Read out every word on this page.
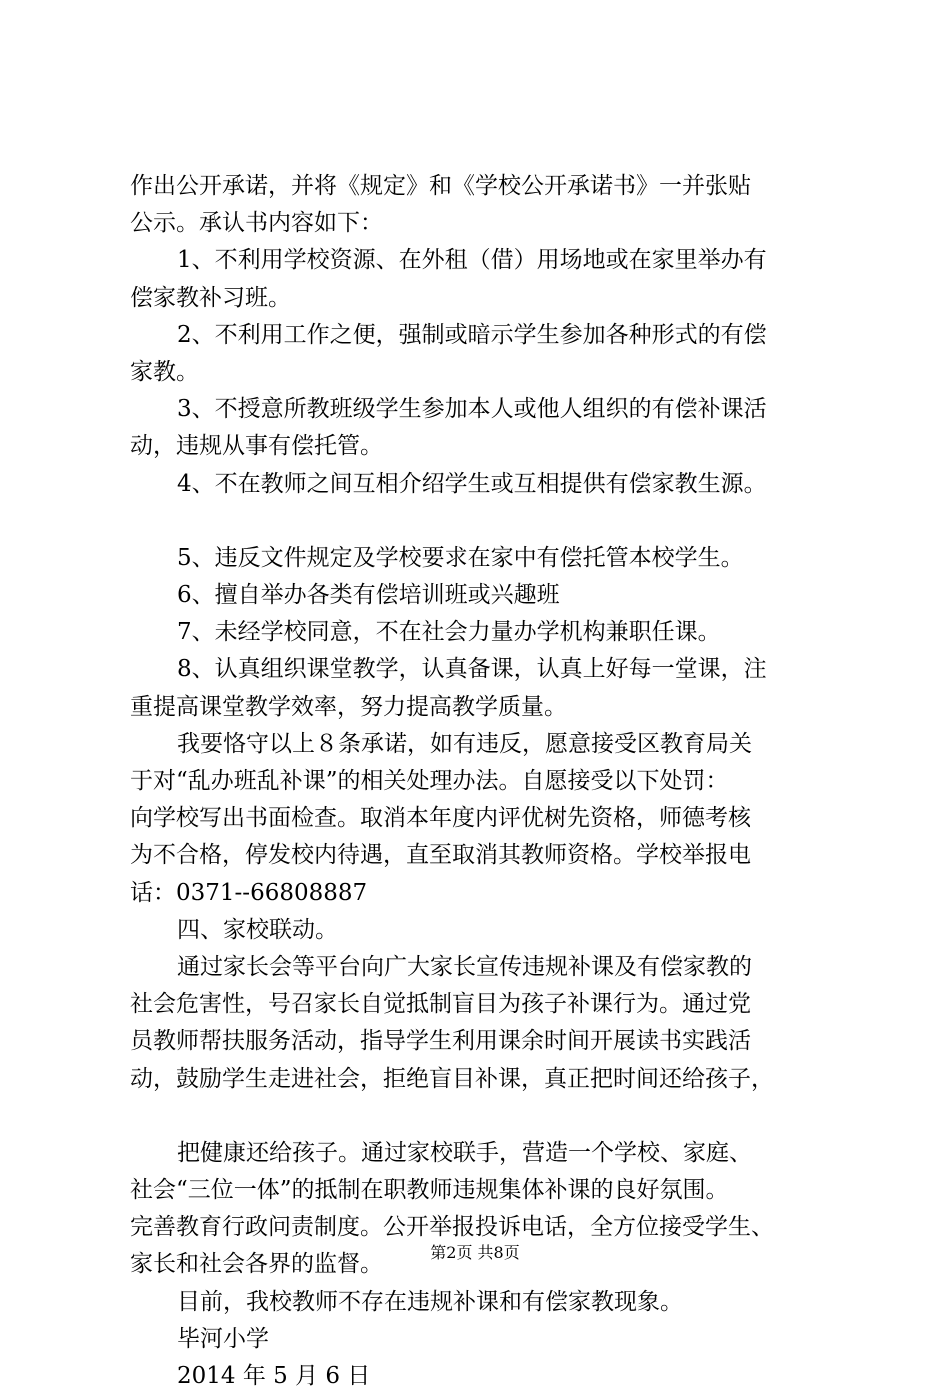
作出公开承诺，并将《规定》和《学校公开承诺书》一并张贴
公示。承认书内容如下：
1、不利用学校资源、在外租（借）用场地或在家里举办有
偿家教补习班。
2、不利用工作之便，强制或暗示学生参加各种形式的有偿
家教。
3、不授意所教班级学生参加本人或他人组织的有偿补课活
动，违规从事有偿托管。
4、不在教师之间互相介绍学生或互相提供有偿家教生源。
5、违反文件规定及学校要求在家中有偿托管本校学生。
6、擅自举办各类有偿培训班或兴趣班
7、未经学校同意，不在社会力量办学机构兼职任课。
8、认真组织课堂教学，认真备课，认真上好每一堂课，注
重提高课堂教学效率，努力提高教学质量。
我要恪守以上８条承诺，如有违反，愿意接受区教育局关
于对“乱办班乱补课”的相关处理办法。自愿接受以下处罚：
向学校写出书面检查。取消本年度内评优树先资格，师德考核
为不合格，停发校内待遇，直至取消其教师资格。学校举报电
话：0371--66808887
四、家校联动。
通过家长会等平台向广大家长宣传违规补课及有偿家教的
社会危害性，号召家长自觉抵制盲目为孩子补课行为。通过党
员教师帮扶服务活动，指导学生利用课余时间开展读书实践活
动，鼓励学生走进社会，拒绝盲目补课，真正把时间还给孩子，
把健康还给孩子。通过家校联手，营造一个学校、家庭、
社会“三位一体”的抵制在职教师违规集体补课的良好氛围。
完善教育行政问责制度。公开举报投诉电话，全方位接受学生、
家长和社会各界的监督。
目前，我校教师不存在违规补课和有偿家教现象。
毕河小学
2014 年 5 月 6 日
第2页 共8页
